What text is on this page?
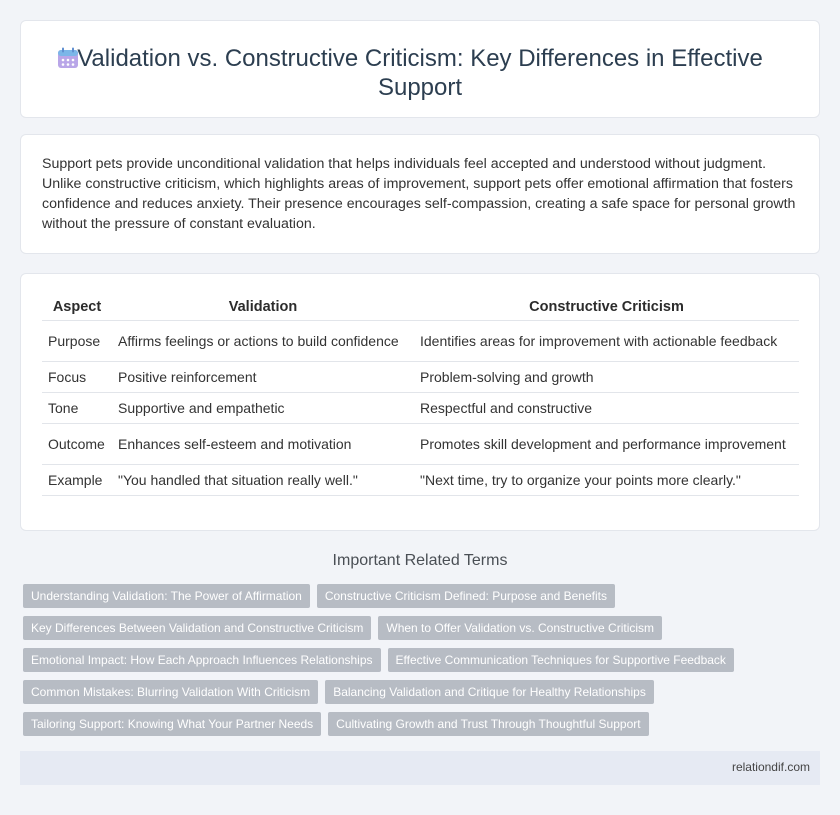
Validation vs. Constructive Criticism: Key Differences in Effective Support

Support pets provide unconditional validation that helps individuals feel accepted and understood without judgment. Unlike constructive criticism, which highlights areas of improvement, support pets offer emotional affirmation that fosters confidence and reduces anxiety. Their presence encourages self-compassion, creating a safe space for personal growth without the pressure of constant evaluation.

Aspect	Validation	Constructive Criticism
Purpose	Affirms feelings or actions to build confidence	Identifies areas for improvement with actionable feedback
Focus	Positive reinforcement	Problem-solving and growth
Tone	Supportive and empathetic	Respectful and constructive
Outcome	Enhances self-esteem and motivation	Promotes skill development and performance improvement
Example	"You handled that situation really well."	"Next time, try to organize your points more clearly."
Important Related Terms
Understanding Validation: The Power of Affirmation	Constructive Criticism Defined: Purpose and Benefits
Key Differences Between Validation and Constructive Criticism	When to Offer Validation vs. Constructive Criticism
Emotional Impact: How Each Approach Influences Relationships	Effective Communication Techniques for Supportive Feedback
Common Mistakes: Blurring Validation With Criticism	Balancing Validation and Critique for Healthy Relationships
Tailoring Support: Knowing What Your Partner Needs	Cultivating Growth and Trust Through Thoughtful Support
relationdif.com
